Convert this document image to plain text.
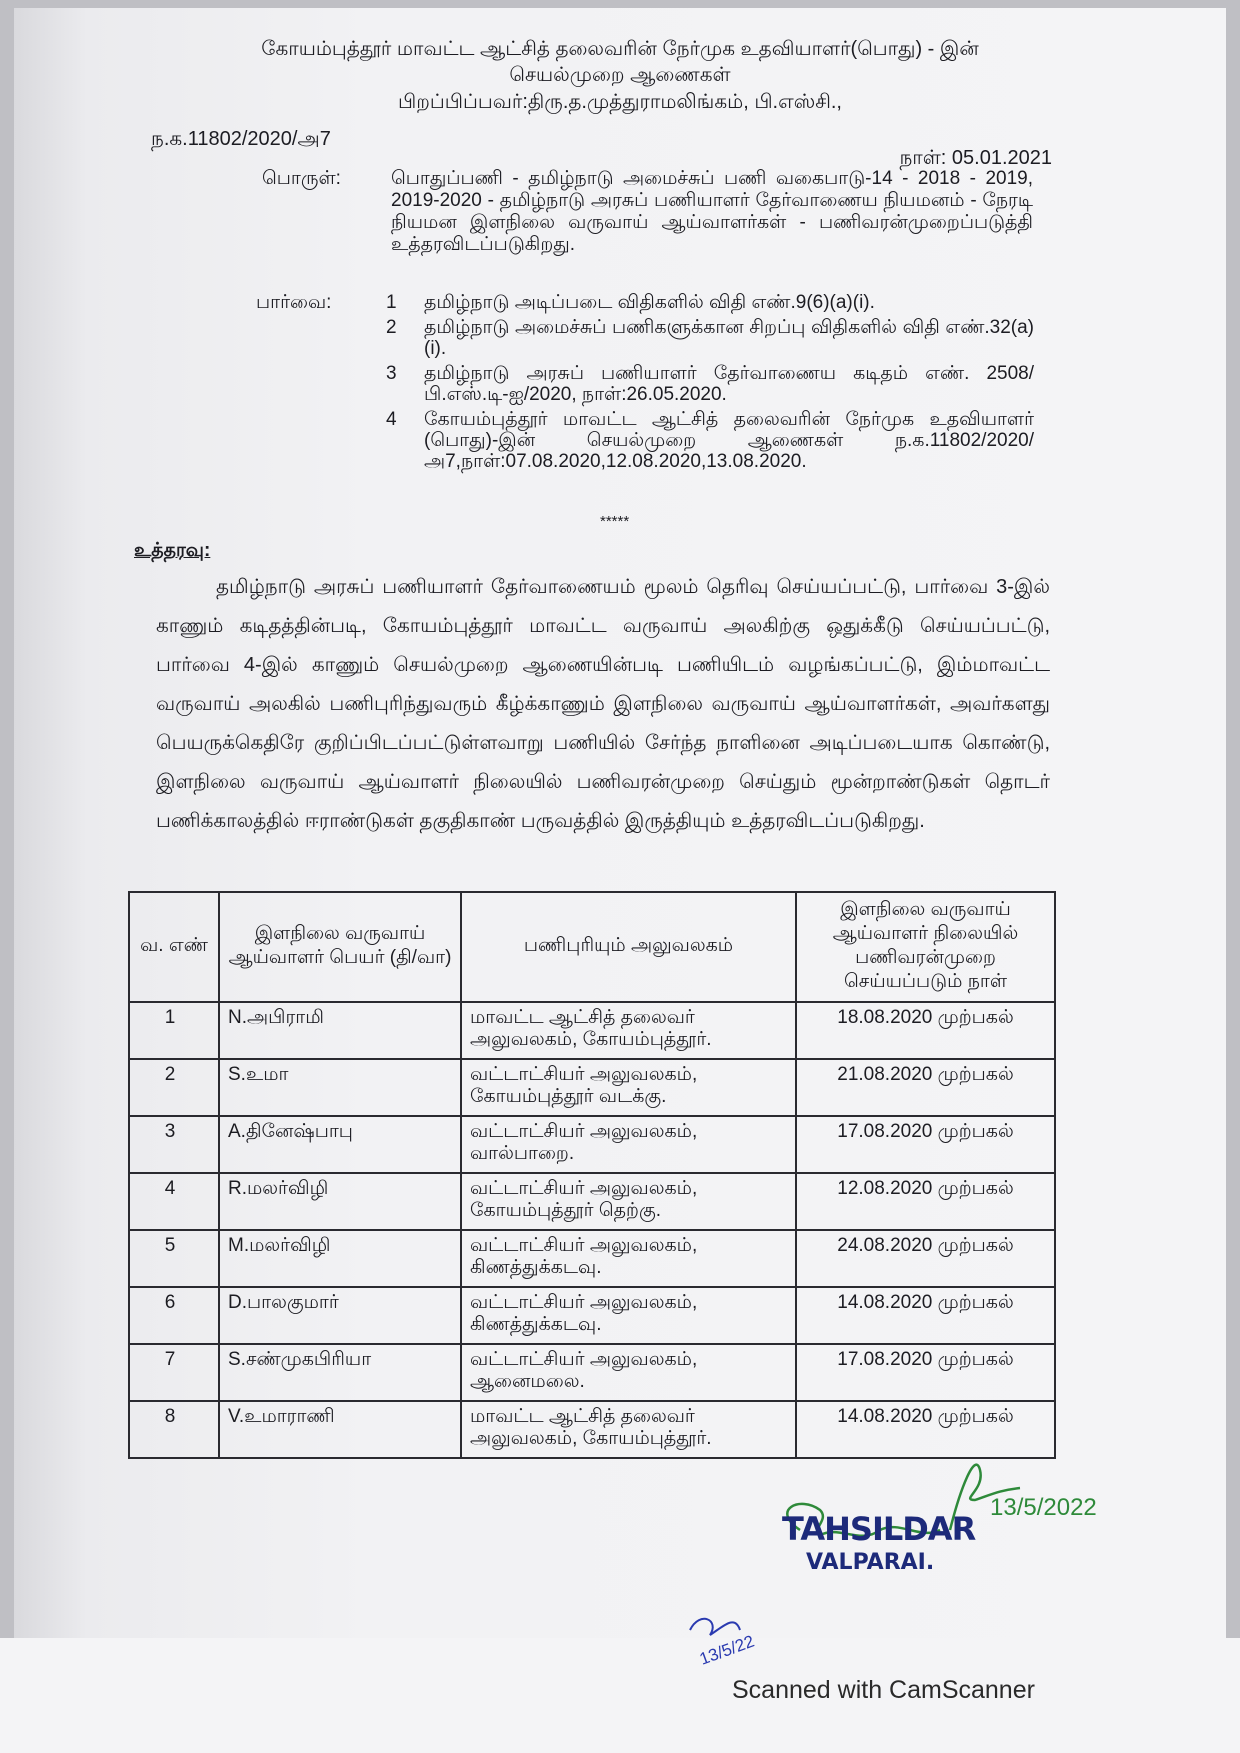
கோயம்புத்தூர் மாவட்ட ஆட்சித் தலைவரின் நேர்முக உதவியாளர்(பொது) - இன்
செயல்முறை ஆணைகள்
பிறப்பிப்பவர்:திரு.த.முத்துராமலிங்கம், பி.எஸ்சி.,
ந.க.11802/2020/அ7
நாள்: 05.01.2021
பொருள்:	பொதுப்பணி - தமிழ்நாடு அமைச்சுப் பணி வகைபாடு-14 - 2018 - 2019, 2019-2020 - தமிழ்நாடு அரசுப் பணியாளர் தேர்வாணைய நியமனம் - நேரடி நியமன இளநிலை வருவாய் ஆய்வாளர்கள் - பணிவரன்முறைப்படுத்தி உத்தரவிடப்படுகிறது.
பார்வை:	1	தமிழ்நாடு அடிப்படை விதிகளில் விதி எண்.9(6)(a)(i).
2	தமிழ்நாடு அமைச்சுப் பணிகளுக்கான சிறப்பு விதிகளில் விதி எண்.32(a)(i).
3	தமிழ்நாடு அரசுப் பணியாளர் தேர்வாணைய கடிதம் எண். 2508/பி.எஸ்.டி-ஐ/2020, நாள்:26.05.2020.
4	கோயம்புத்தூர் மாவட்ட ஆட்சித் தலைவரின் நேர்முக உதவியாளர் (பொது)-இன் செயல்முறை ஆணைகள் ந.க.11802/2020/அ7,நாள்:07.08.2020,12.08.2020,13.08.2020.
*****
உத்தரவு:
தமிழ்நாடு அரசுப் பணியாளர் தேர்வாணையம் மூலம் தெரிவு செய்யப்பட்டு, பார்வை 3-இல் காணும் கடிதத்தின்படி, கோயம்புத்தூர் மாவட்ட வருவாய் அலகிற்கு ஒதுக்கீடு செய்யப்பட்டு, பார்வை 4-இல் காணும் செயல்முறை ஆணையின்படி பணியிடம் வழங்கப்பட்டு, இம்மாவட்ட வருவாய் அலகில் பணிபுரிந்துவரும் கீழ்க்காணும் இளநிலை வருவாய் ஆய்வாளர்கள், அவர்களது பெயருக்கெதிரே குறிப்பிடப்பட்டுள்ளவாறு பணியில் சேர்ந்த நாளினை அடிப்படையாக கொண்டு, இளநிலை வருவாய் ஆய்வாளர் நிலையில் பணிவரன்முறை செய்தும் மூன்றாண்டுகள் தொடர் பணிக்காலத்தில் ஈராண்டுகள் தகுதிகாண் பருவத்தில் இருத்தியும் உத்தரவிடப்படுகிறது.
வ. எண்	இளநிலை வருவாய் ஆய்வாளர் பெயர் (தி/வா)	பணிபுரியும் அலுவலகம்	இளநிலை வருவாய் ஆய்வாளர் நிலையில் பணிவரன்முறை செய்யப்படும் நாள்
1	N.அபிராமி	மாவட்ட ஆட்சித் தலைவர் அலுவலகம், கோயம்புத்தூர்.	18.08.2020 முற்பகல்
2	S.உமா	வட்டாட்சியர் அலுவலகம், கோயம்புத்தூர் வடக்கு.	21.08.2020 முற்பகல்
3	A.தினேஷ்பாபு	வட்டாட்சியர் அலுவலகம், வால்பாறை.	17.08.2020 முற்பகல்
4	R.மலர்விழி	வட்டாட்சியர் அலுவலகம், கோயம்புத்தூர் தெற்கு.	12.08.2020 முற்பகல்
5	M.மலர்விழி	வட்டாட்சியர் அலுவலகம், கிணத்துக்கடவு.	24.08.2020 முற்பகல்
6	D.பாலகுமார்	வட்டாட்சியர் அலுவலகம், கிணத்துக்கடவு.	14.08.2020 முற்பகல்
7	S.சண்முகபிரியா	வட்டாட்சியர் அலுவலகம், ஆனைமலை.	17.08.2020 முற்பகல்
8	V.உமாராணி	மாவட்ட ஆட்சித் தலைவர் அலுவலகம், கோயம்புத்தூர்.	14.08.2020 முற்பகல்
13/5/2022
TAHSILDAR
VALPARAI.
13/5/22
Scanned with CamScanner
